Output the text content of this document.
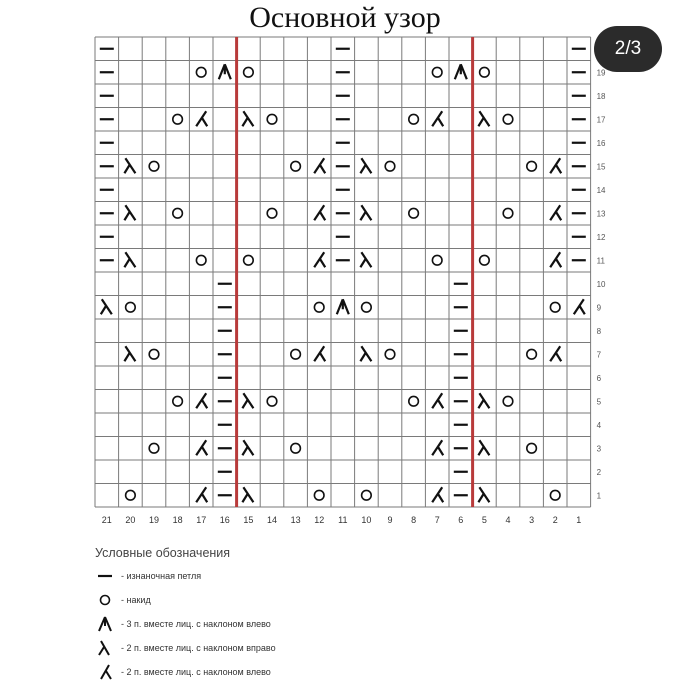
Основной узор
21 20 19 18 17 16 15 14 13 12 11 10 9 8 7 6 5 4 3 2 1
19
18
17
16
15
14
13
12
11
10
9
8
7
6
5
4
3
2
1
2/3
Условные обозначения
- изнаночная петля
- накид
- 3 п. вместе лиц. с наклоном влево
- 2 п. вместе лиц. с наклоном вправо
- 2 п. вместе лиц. с наклоном влево
